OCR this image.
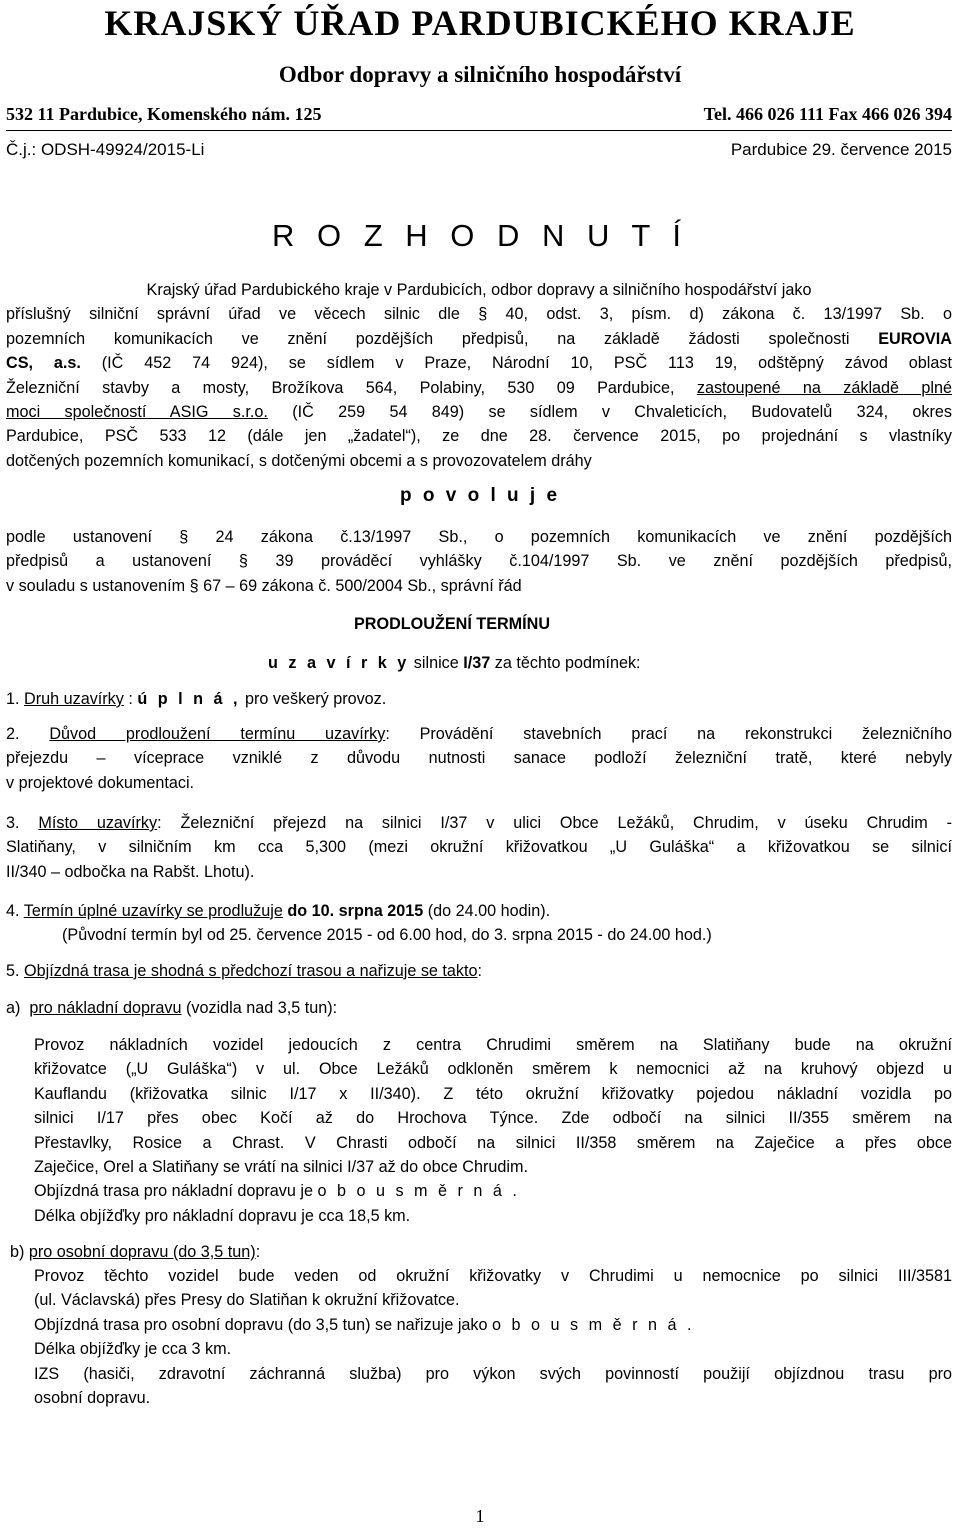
KRAJSKÝ ÚŘAD PARDUBICKÉHO KRAJE
Odbor dopravy a silničního hospodářství
532 11 Pardubice, Komenského nám. 125	Tel. 466 026 111 Fax 466 026 394
Č.j.: ODSH-49924/2015-Li	Pardubice 29. července 2015
R O Z H O D N U T Í

Krajský úřad Pardubického kraje v Pardubicích, odbor dopravy a silničního hospodářství jako

příslušný silniční správní úřad ve věcech silnic dle § 40, odst. 3, písm. d) zákona č. 13/1997 Sb. o

pozemních komunikacích ve znění pozdějších předpisů, na základě žádosti společnosti EUROVIA

CS, a.s. (IČ 452 74 924), se sídlem v Praze, Národní 10, PSČ 113 19, odštěpný závod oblast

Železniční stavby a mosty, Brožíkova 564, Polabiny, 530 09 Pardubice, zastoupené na základě plné

moci společností ASIG s.r.o. (IČ 259 54 849) se sídlem v Chvaleticích, Budovatelů 324, okres

Pardubice, PSČ 533 12 (dále jen „žadatel“), ze dne 28. července 2015, po projednání s vlastníky

dotčených pozemních komunikací, s dotčenými obcemi a s provozovatelem dráhy

p o v o l u j e

podle ustanovení § 24 zákona č.13/1997 Sb., o pozemních komunikacích ve znění pozdějších

předpisů a ustanovení § 39 prováděcí vyhlášky č.104/1997 Sb. ve znění pozdějších předpisů,

v souladu s ustanovením § 67 – 69 zákona č. 500/2004 Sb., správní řád

PRODLOUŽENÍ TERMÍNU
u z a v í r k y silnice I/37 za těchto podmínek:
1. Druh uzavírky : ú p l n á , pro veškerý provoz.

2. Důvod prodloužení termínu uzavírky: Provádění stavebních prací na rekonstrukci železničního

přejezdu – víceprace vzniklé z důvodu nutnosti sanace podloží železniční tratě, které nebyly

v projektové dokumentaci.

3. Místo uzavírky: Železniční přejezd na silnici I/37 v ulici Obce Ležáků, Chrudim, v úseku Chrudim -

Slatiňany, v silničním km cca 5,300 (mezi okružní křižovatkou „U Guláška“ a křižovatkou se silnicí

II/340 – odbočka na Rabšt. Lhotu).

4. Termín úplné uzavírky se prodlužuje do 10. srpna 2015 (do 24.00 hodin).

(Původní termín byl od 25. července 2015 - od 6.00 hod, do 3. srpna 2015 - do 24.00 hod.)

5. Objízdná trasa je shodná s předchozí trasou a nařizuje se takto:
a) pro nákladní dopravu (vozidla nad 3,5 tun):

Provoz nákladních vozidel jedoucích z centra Chrudimi směrem na Slatiňany bude na okružní

křižovatce („U Guláška“) v ul. Obce Ležáků odkloněn směrem k nemocnici až na kruhový objezd u

Kauflandu (křižovatka silnic I/17 x II/340). Z této okružní křižovatky pojedou nákladní vozidla po

silnici I/17 přes obec Kočí až do Hrochova Týnce. Zde odbočí na silnici II/355 směrem na

Přestavlky, Rosice a Chrast. V Chrasti odbočí na silnici II/358 směrem na Zaječice a přes obce

Zaječice, Orel a Slatiňany se vrátí na silnici I/37 až do obce Chrudim.

Objízdná trasa pro nákladní dopravu je o b o u s m ě r n á .

Délka objížďky pro nákladní dopravu je cca 18,5 km.

b) pro osobní dopravu (do 3,5 tun):

Provoz těchto vozidel bude veden od okružní křižovatky v Chrudimi u nemocnice po silnici III/3581

(ul. Václavská) přes Presy do Slatiňan k okružní křižovatce.

Objízdná trasa pro osobní dopravu (do 3,5 tun) se nařizuje jako o b o u s m ě r n á .

Délka objížďky je cca 3 km.

IZS (hasiči, zdravotní záchranná služba) pro výkon svých povinností použijí objízdnou trasu pro

osobní dopravu.

1
